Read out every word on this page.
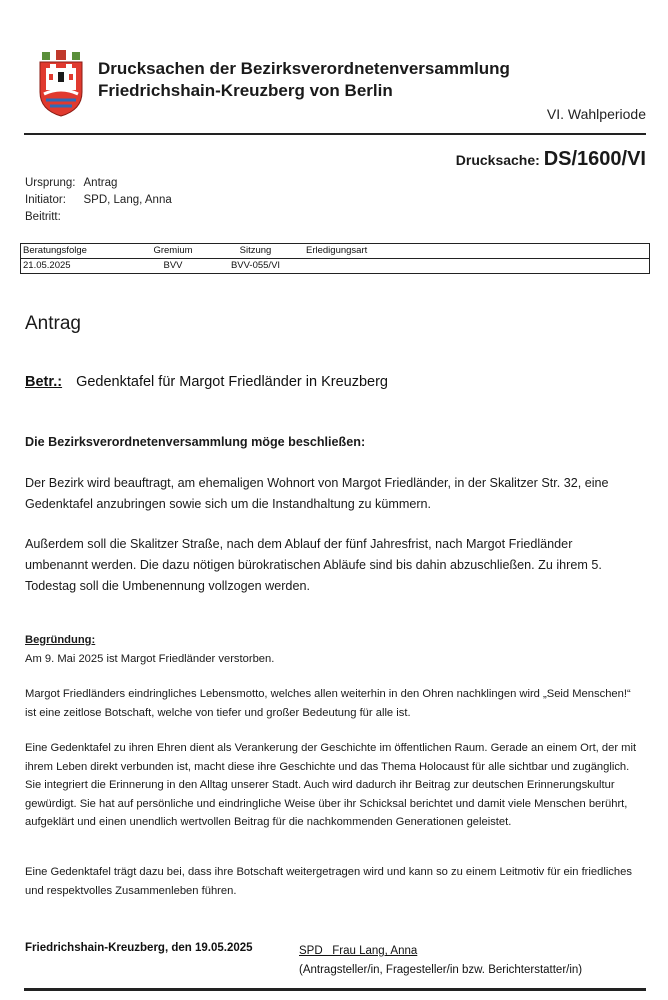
Drucksachen der Bezirksverordnetenversammlung
Friedrichshain-Kreuzberg von Berlin
VI. Wahlperiode
Drucksache: DS/1600/VI
Ursprung:	Antrag
Initiator:	SPD, Lang, Anna
Beitritt:	
Beratungsfolge	Gremium	Sitzung	Erledigungsart
21.05.2025	BVV	BVV-055/VI
Antrag
Betr.: Gedenktafel für Margot Friedländer in Kreuzberg
Die Bezirksverordnetenversammlung möge beschließen:

Der Bezirk wird beauftragt, am ehemaligen Wohnort von Margot Friedländer, in der Skalitzer Str. 32, eine Gedenktafel anzubringen sowie sich um die Instandhaltung zu kümmern.

Außerdem soll die Skalitzer Straße, nach dem Ablauf der fünf Jahresfrist, nach Margot Friedländer umbenannt werden. Die dazu nötigen bürokratischen Abläufe sind bis dahin abzuschließen. Zu ihrem 5. Todestag soll die Umbenennung vollzogen werden.

Begründung:

Am 9. Mai 2025 ist Margot Friedländer verstorben.

Margot Friedländers eindringliches Lebensmotto, welches allen weiterhin in den Ohren nachklingen wird „Seid Menschen!“ ist eine zeitlose Botschaft, welche von tiefer und großer Bedeutung für alle ist.

Eine Gedenktafel zu ihren Ehren dient als Verankerung der Geschichte im öffentlichen Raum. Gerade an einem Ort, der mit ihrem Leben direkt verbunden ist, macht diese ihre Geschichte und das Thema Holocaust für alle sichtbar und zugänglich. Sie integriert die Erinnerung in den Alltag unserer Stadt. Auch wird dadurch ihr Beitrag zur deutschen Erinnerungskultur gewürdigt. Sie hat auf persönliche und eindringliche Weise über ihr Schicksal berichtet und damit viele Menschen berührt, aufgeklärt und einen unendlich wertvollen Beitrag für die nachkommenden Generationen geleistet.

Eine Gedenktafel trägt dazu bei, dass ihre Botschaft weitergetragen wird und kann so zu einem Leitmotiv für ein friedliches und respektvolles Zusammenleben führen.

Friedrichshain-Kreuzberg, den 19.05.2025	SPD   Frau Lang, Anna
(Antragsteller/in, Fragesteller/in bzw. Berichterstatter/in)
